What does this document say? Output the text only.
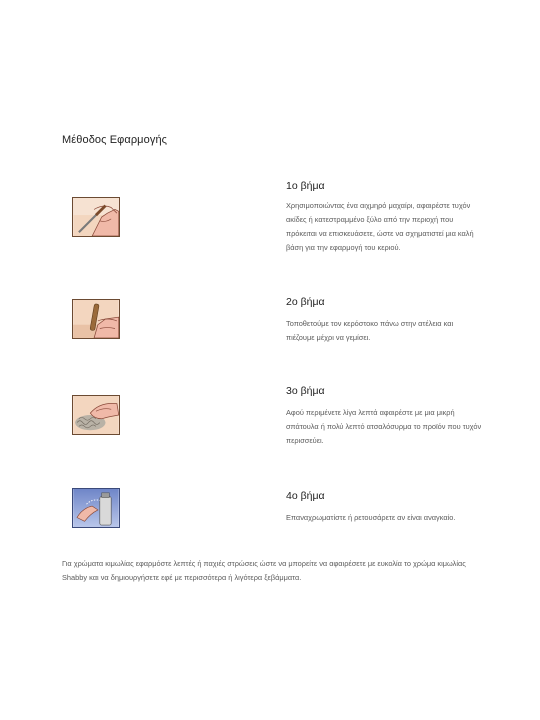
Μέθοδος Εφαρμογής
1ο βήμα
Χρησιμοποιώντας ένα αιχμηρό μαχαίρι, αφαιρέστε τυχόν ακίδες ή κατεστραμμένο ξύλο από την περιοχή που πρόκειται να επισκευάσετε, ώστε να σχηματιστεί μια καλή βάση για την εφαρμογή του κεριού.
2ο βήμα
Τοποθετούμε τον κερόστοκο πάνω στην ατέλεια και πιέζουμε μέχρι να γεμίσει.
3ο βήμα
Αφού περιμένετε λίγα λεπτά αφαιρέστε με μια μικρή σπάτουλα ή πολύ λεπτό ατσαλόσυρμα το προϊόν που τυχόν περισσεύει.
4ο βήμα
Επαναχρωματίστε ή ρετουσάρετε αν είναι αναγκαίο.
Για χρώματα κιμωλίας εφαρμόστε λεπτές ή παχιές στρώσεις ώστε να μπορείτε να αφαιρέσετε με ευκολία το χρώμα κιμωλίας Shabby και να δημιουργήσετε εφέ με περισσότερα ή λιγότερα ξεβάμματα.
